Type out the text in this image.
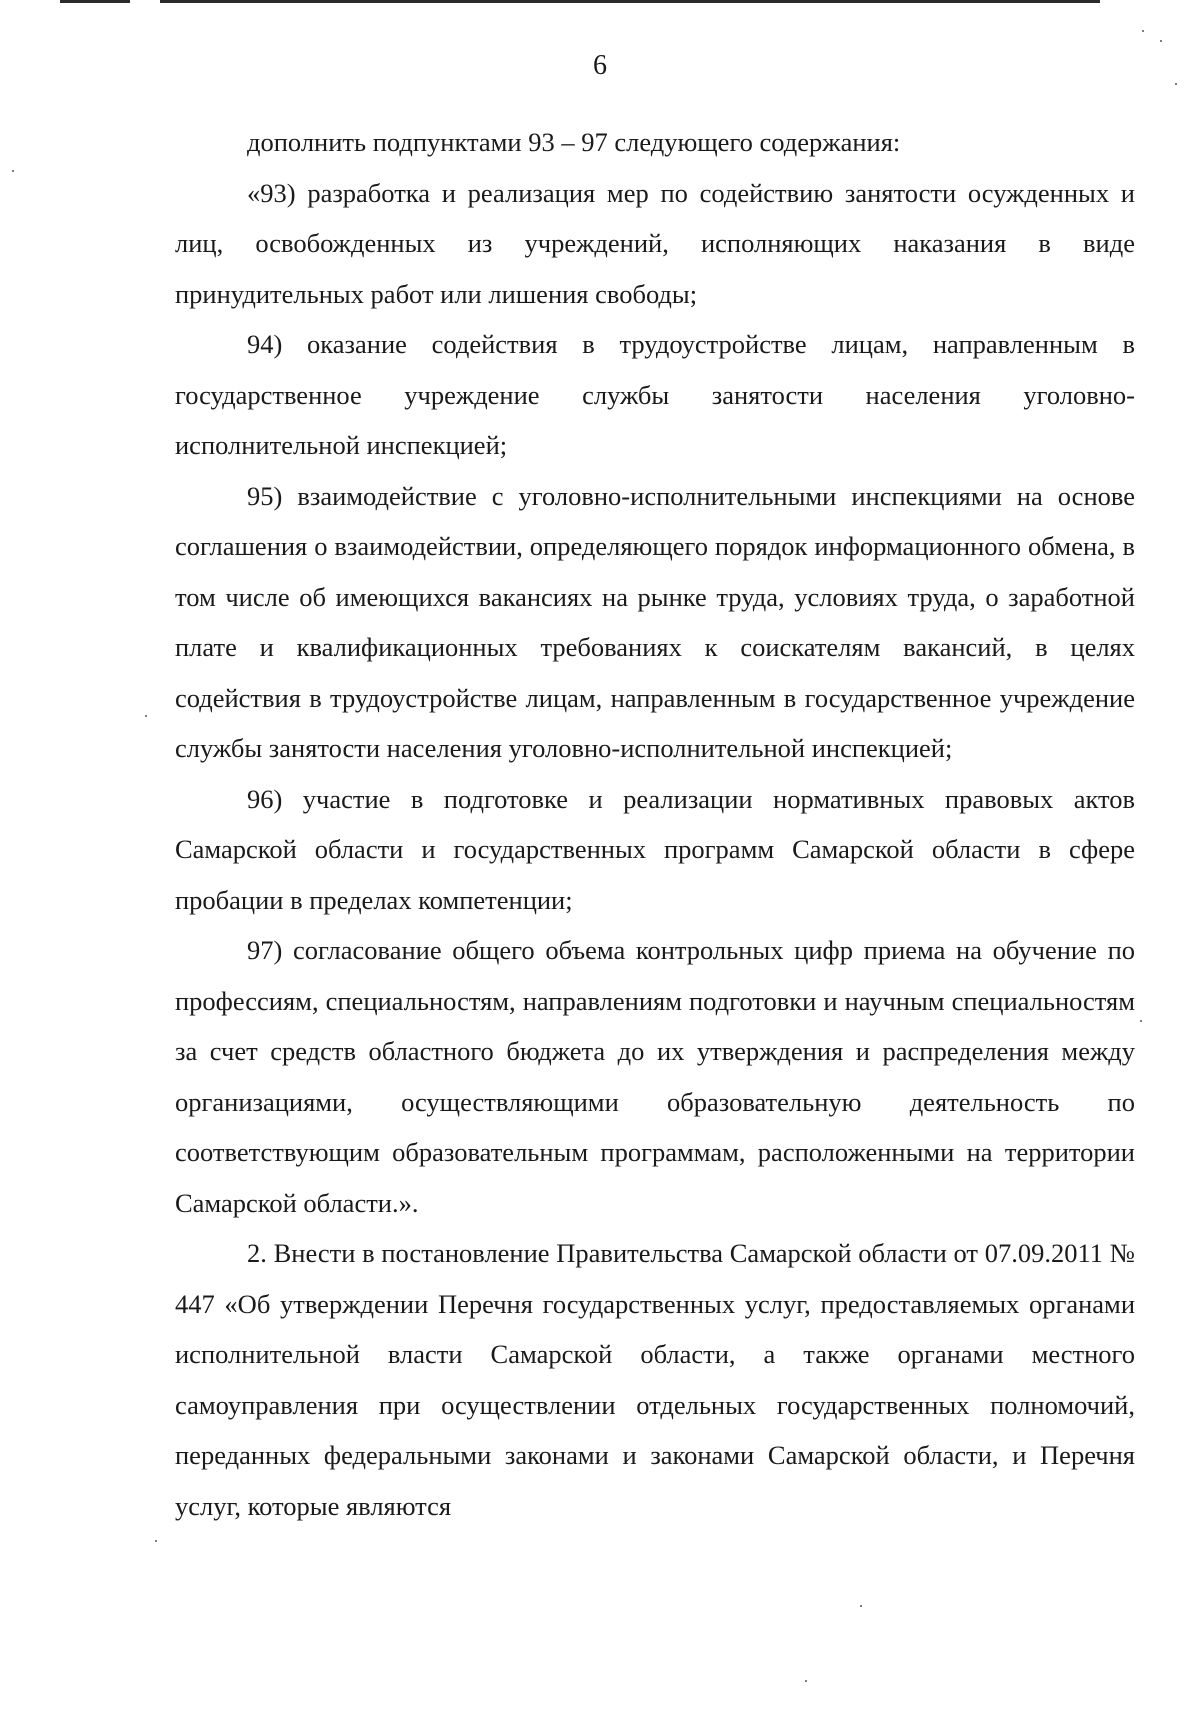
6

дополнить подпунктами 93 – 97 следующего содержания:

«93) разработка и реализация мер по содействию занятости осужденных и лиц, освобожденных из учреждений, исполняющих наказания в виде принудительных работ или лишения свободы;

94) оказание содействия в трудоустройстве лицам, направленным в государственное учреждение службы занятости населения уголовно-исполнительной инспекцией;

95) взаимодействие с уголовно-исполнительными инспекциями на основе соглашения о взаимодействии, определяющего порядок информационного обмена, в том числе об имеющихся вакансиях на рынке труда, условиях труда, о заработной плате и квалификационных требованиях к соискателям вакансий, в целях содействия в трудоустройстве лицам, направленным в государственное учреждение службы занятости населения уголовно-исполнительной инспекцией;

96) участие в подготовке и реализации нормативных правовых актов Самарской области и государственных программ Самарской области в сфере пробации в пределах компетенции;

97) согласование общего объема контрольных цифр приема на обучение по профессиям, специальностям, направлениям подготовки и научным специальностям за счет средств областного бюджета до их утверждения и распределения между организациями, осуществляющими образовательную деятельность по соответствующим образовательным программам, расположенными на территории Самарской области.».

2. Внести в постановление Правительства Самарской области от 07.09.2011 № 447 «Об утверждении Перечня государственных услуг, предоставляемых органами исполнительной власти Самарской области, а также органами местного самоуправления при осуществлении отдельных государственных полномочий, переданных федеральными законами и законами Самарской области, и Перечня услуг, которые являются
